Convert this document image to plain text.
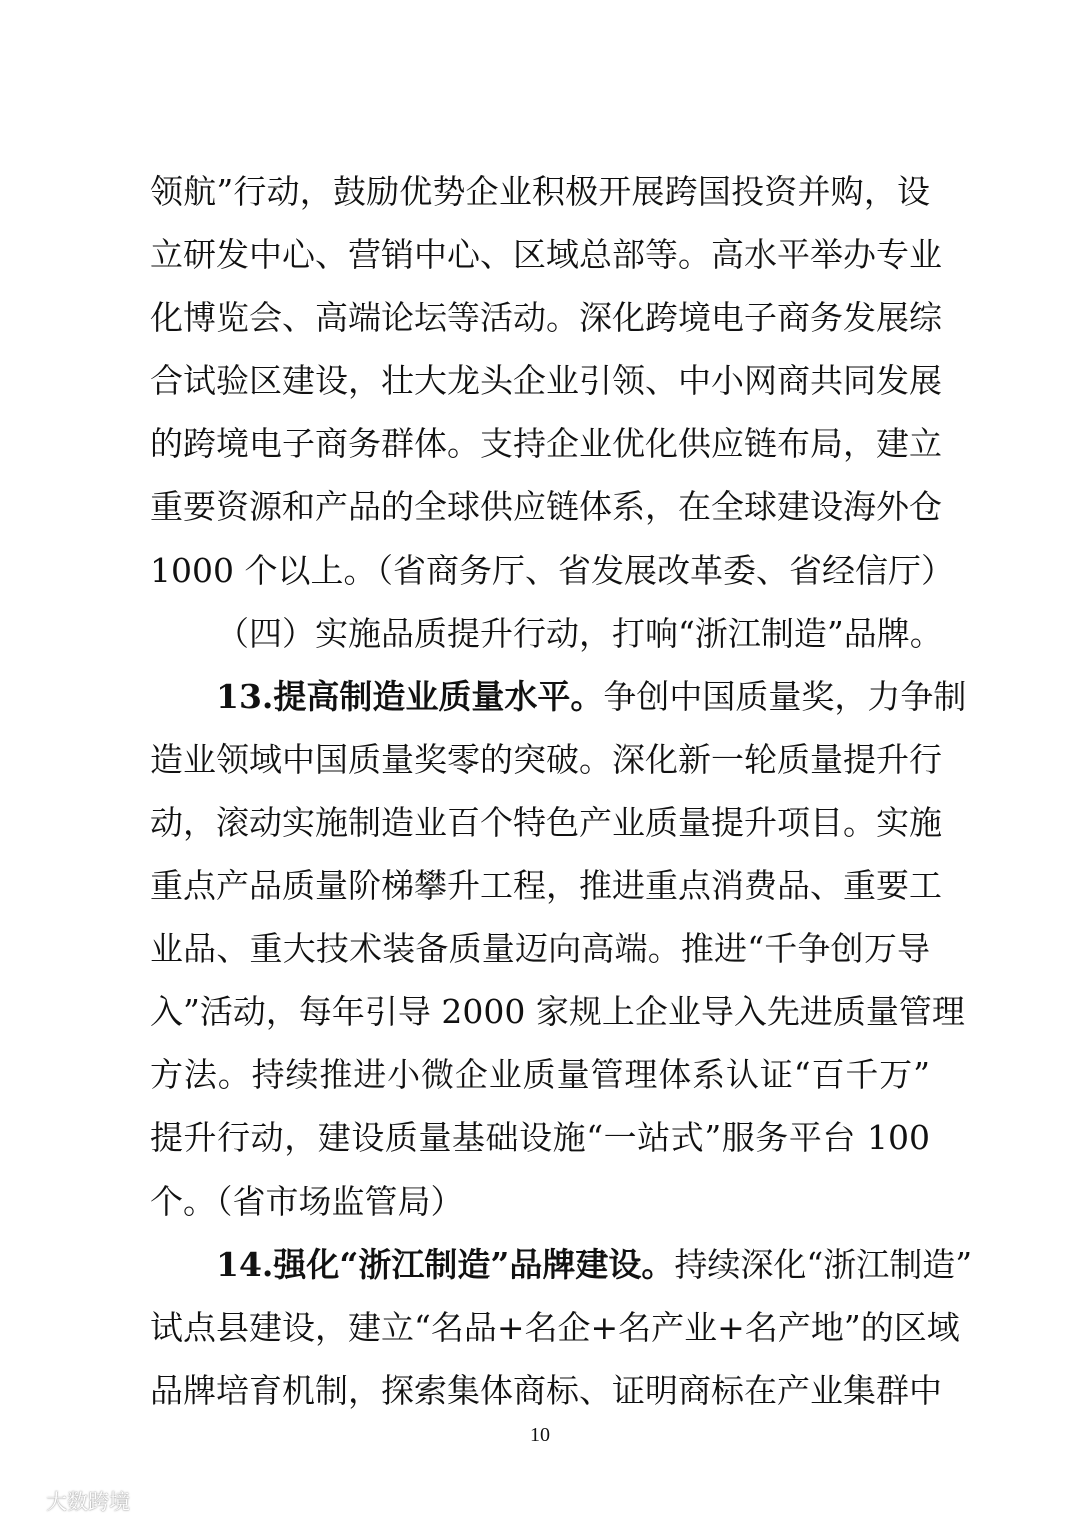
领航”行动，鼓励优势企业积极开展跨国投资并购，设
立研发中心、营销中心、区域总部等。高水平举办专业
化博览会、高端论坛等活动。深化跨境电子商务发展综
合试验区建设，壮大龙头企业引领、中小网商共同发展
的跨境电子商务群体。支持企业优化供应链布局，建立
重要资源和产品的全球供应链体系，在全球建设海外仓
1000 个以上。（省商务厅、省发展改革委、省经信厅）
（四）实施品质提升行动，打响“浙江制造”品牌。
13.提高制造业质量水平。争创中国质量奖，力争制
造业领域中国质量奖零的突破。深化新一轮质量提升行
动，滚动实施制造业百个特色产业质量提升项目。实施
重点产品质量阶梯攀升工程，推进重点消费品、重要工
业品、重大技术装备质量迈向高端。推进“千争创万导
入”活动，每年引导 2000 家规上企业导入先进质量管理
方法。持续推进小微企业质量管理体系认证“百千万”
提升行动，建设质量基础设施“一站式”服务平台 100
个。（省市场监管局）
14.强化“浙江制造”品牌建设。持续深化“浙江制造”
试点县建设，建立“名品+名企+名产业+名产地”的区域
品牌培育机制，探索集体商标、证明商标在产业集群中
10
大数跨境
